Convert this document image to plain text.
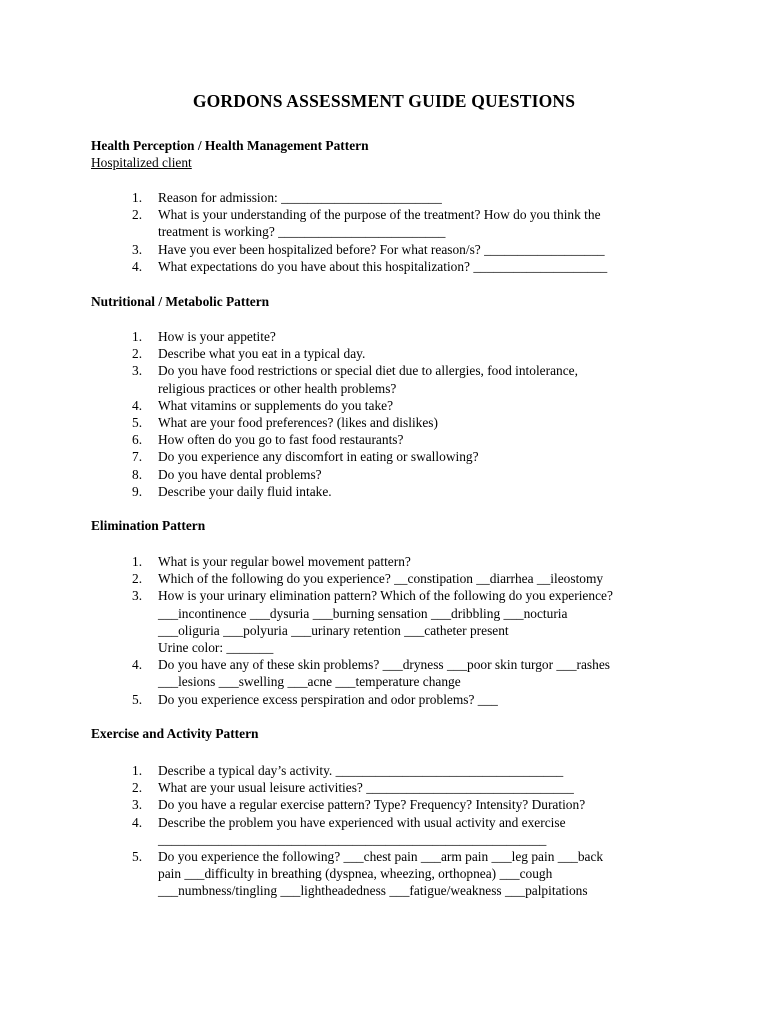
GORDONS ASSESSMENT GUIDE QUESTIONS
Health Perception / Health Management Pattern
Hospitalized client
1. Reason for admission: ________________________
2. What is your understanding of the purpose of the treatment? How do you think the
treatment is working? _________________________
3. Have you ever been hospitalized before? For what reason/s? __________________
4. What expectations do you have about this hospitalization? ____________________
Nutritional / Metabolic Pattern
1. How is your appetite?
2. Describe what you eat in a typical day.
3. Do you have food restrictions or special diet due to allergies, food intolerance,
religious practices or other health problems?
4. What vitamins or supplements do you take?
5. What are your food preferences? (likes and dislikes)
6. How often do you go to fast food restaurants?
7. Do you experience any discomfort in eating or swallowing?
8. Do you have dental problems?
9. Describe your daily fluid intake.
Elimination Pattern
1. What is your regular bowel movement pattern?
2. Which of the following do you experience? __constipation __diarrhea __ileostomy
3. How is your urinary elimination pattern? Which of the following do you experience?
___incontinence ___dysuria ___burning sensation ___dribbling ___nocturia
___oliguria ___polyuria ___urinary retention ___catheter present
Urine color: _______
4. Do you have any of these skin problems? ___dryness ___poor skin turgor ___rashes
___lesions ___swelling ___acne ___temperature change
5. Do you experience excess perspiration and odor problems? ___
Exercise and Activity Pattern
1. Describe a typical day’s activity. __________________________________
2. What are your usual leisure activities? _______________________________
3. Do you have a regular exercise pattern? Type? Frequency? Intensity? Duration?
4. Describe the problem you have experienced with usual activity and exercise
__________________________________________________________
5. Do you experience the following? ___chest pain ___arm pain ___leg pain ___back
pain ___difficulty in breathing (dyspnea, wheezing, orthopnea) ___cough
___numbness/tingling ___lightheadedness ___fatigue/weakness ___palpitations
